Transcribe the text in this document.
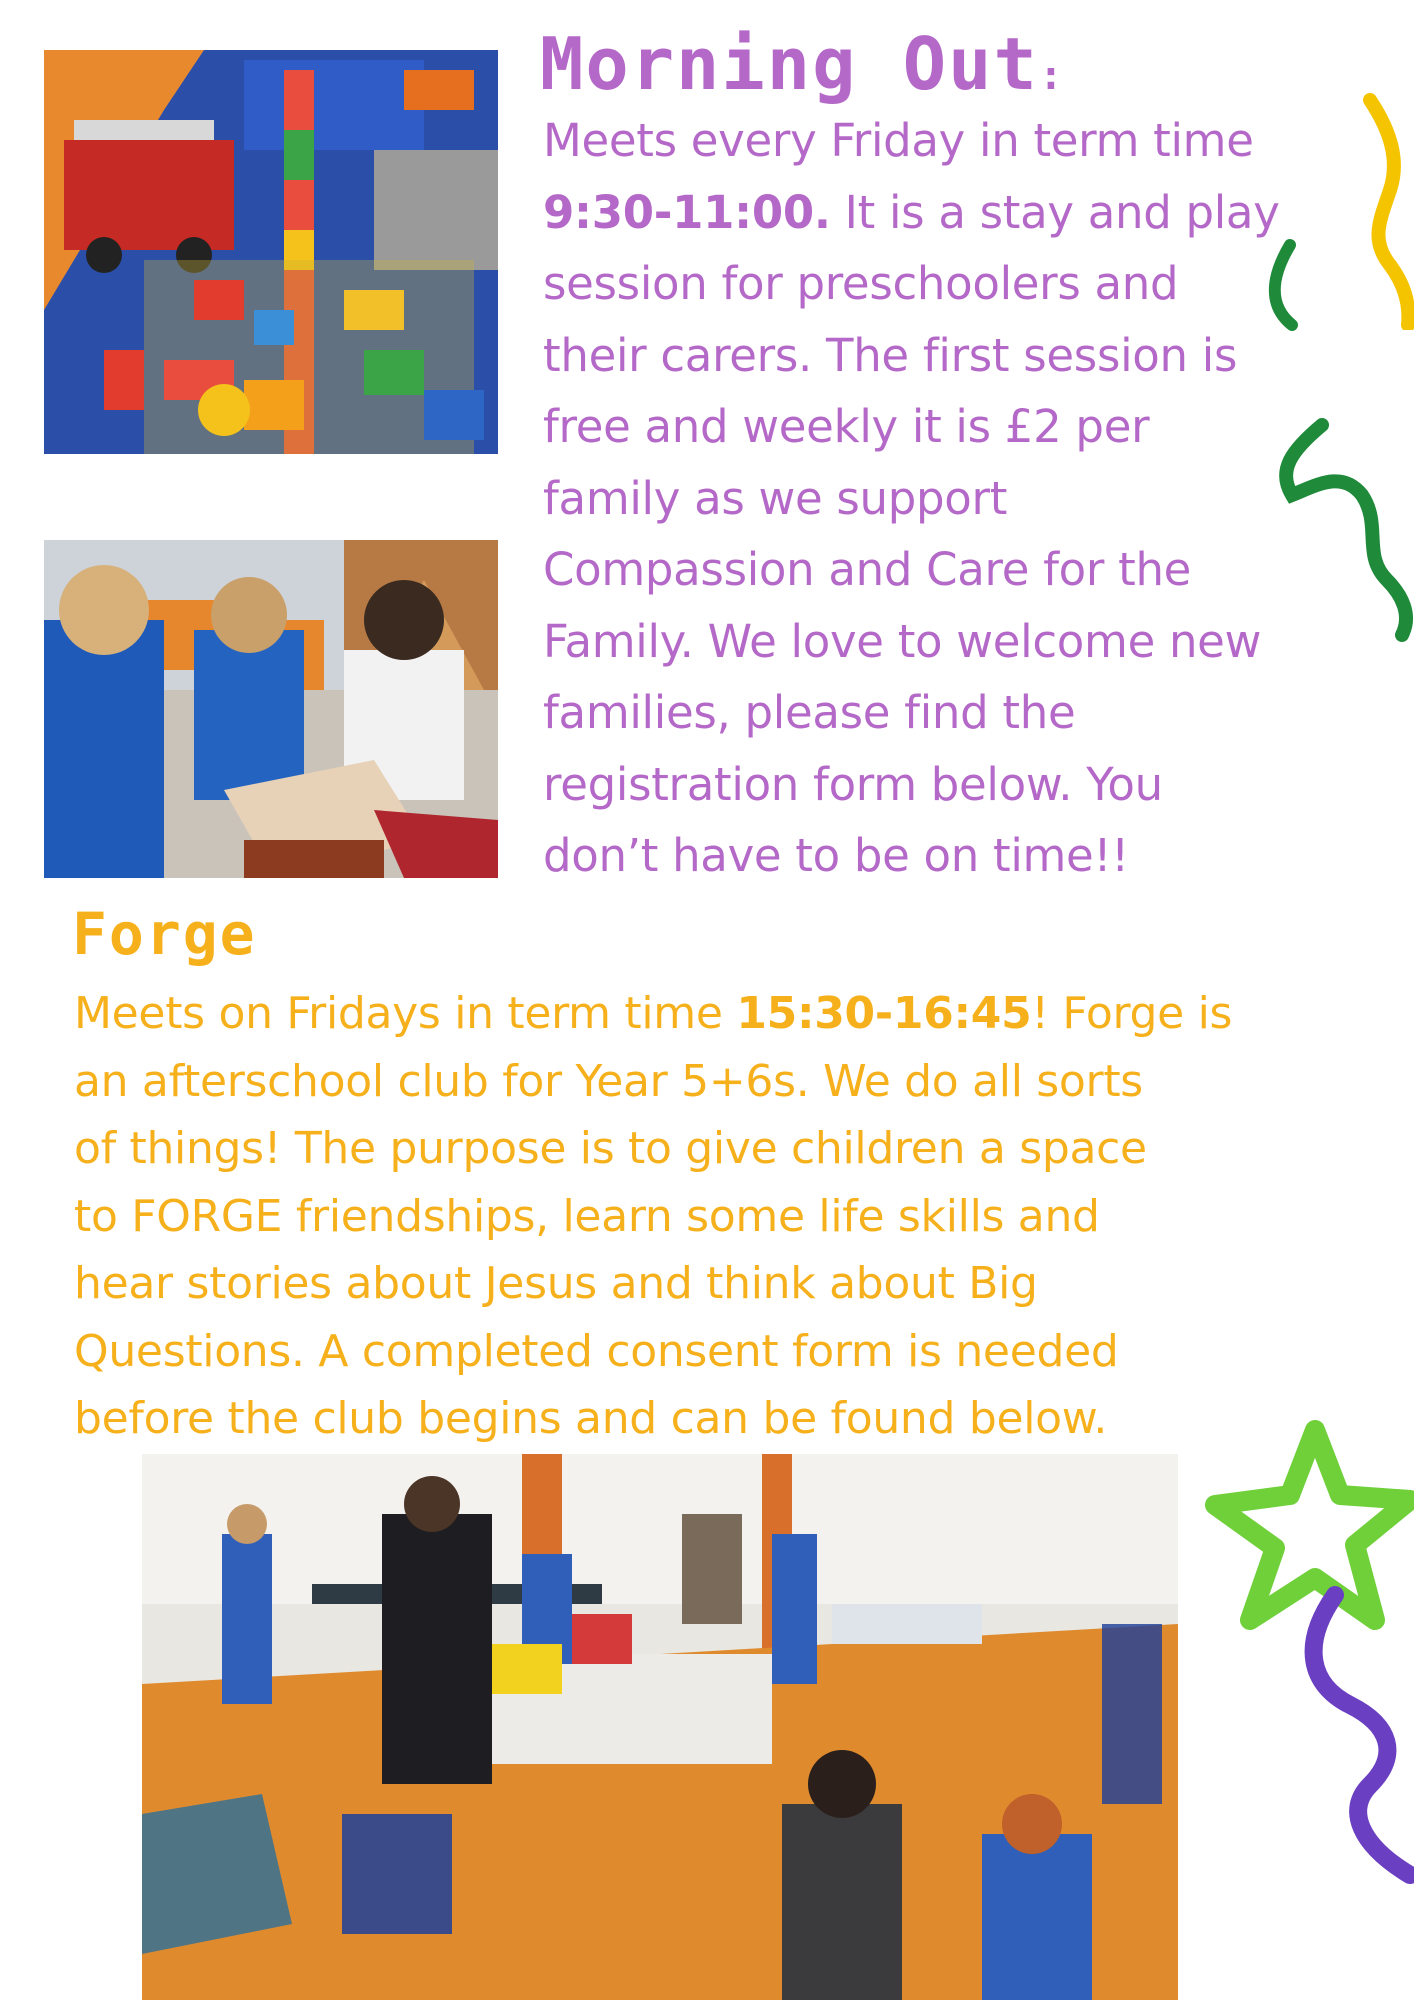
Morning Out:
Meets every Friday in term time
9:30-11:00. It is a stay and play
session for preschoolers and
their carers. The first session is
free and weekly it is £2 per
family as we support
Compassion and Care for the
Family. We love to welcome new
families, please find the
registration form below. You
don’t have to be on time!!
Forge
Meets on Fridays in term time 15:30-16:45! Forge is
an afterschool club for Year 5+6s. We do all sorts
of things! The purpose is to give children a space
to FORGE friendships, learn some life skills and
hear stories about Jesus and think about Big
Questions. A completed consent form is needed
before the club begins and can be found below.
